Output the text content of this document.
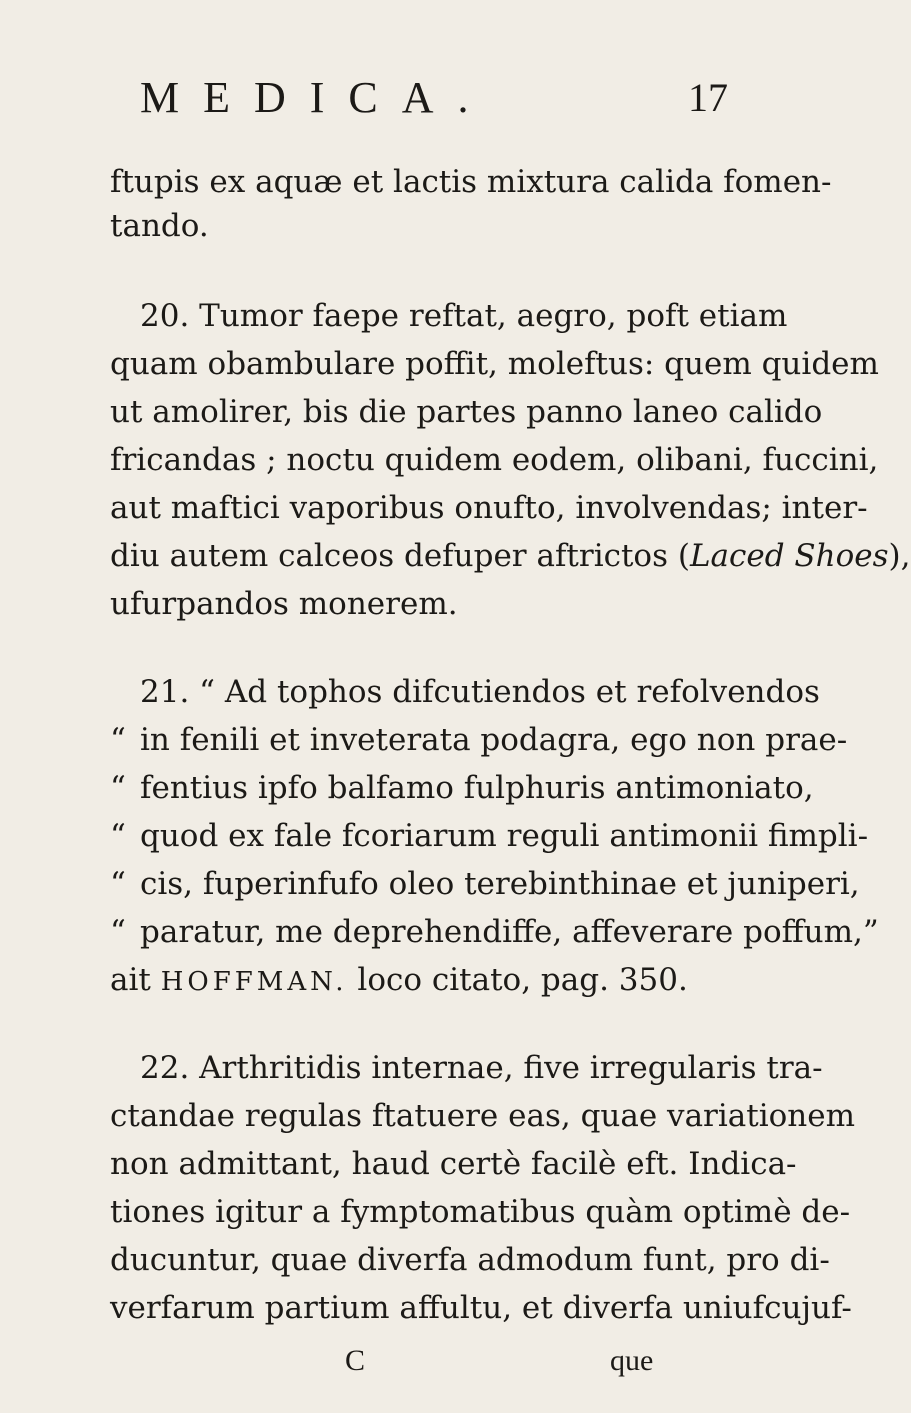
MEDICA.	17
ftupis ex aquæ et lactis mixtura calida fomen-
tando.
20. Tumor faepe reftat, aegro, poft etiam
quam obambulare poffit, moleftus: quem quidem
ut amolirer, bis die partes panno laneo calido
fricandas ; noctu quidem eodem, olibani, fuccini,
aut maftici vaporibus onufto, involvendas; inter-
diu autem calceos defuper aftrictos (Laced Shoes),
ufurpandos monerem.
21. “ Ad tophos difcutiendos et refolvendos
“ in fenili et inveterata podagra, ego non prae-
“ fentius ipfo balfamo fulphuris antimoniato,
“ quod ex fale fcoriarum reguli antimonii fimpli-
“ cis, fuperinfufo oleo terebinthinae et juniperi,
“ paratur, me deprehendiffe, affeverare poffum,”
ait HOFFMAN. loco citato, pag. 350.
22. Arthritidis internae, five irregularis tra-
ctandae regulas ftatuere eas, quae variationem
non admittant, haud certè facilè eft. Indica-
tiones igitur a fymptomatibus quàm optimè de-
ducuntur, quae diverfa admodum funt, pro di-
verfarum partium affultu, et diverfa uniufcujuf-
C	que
